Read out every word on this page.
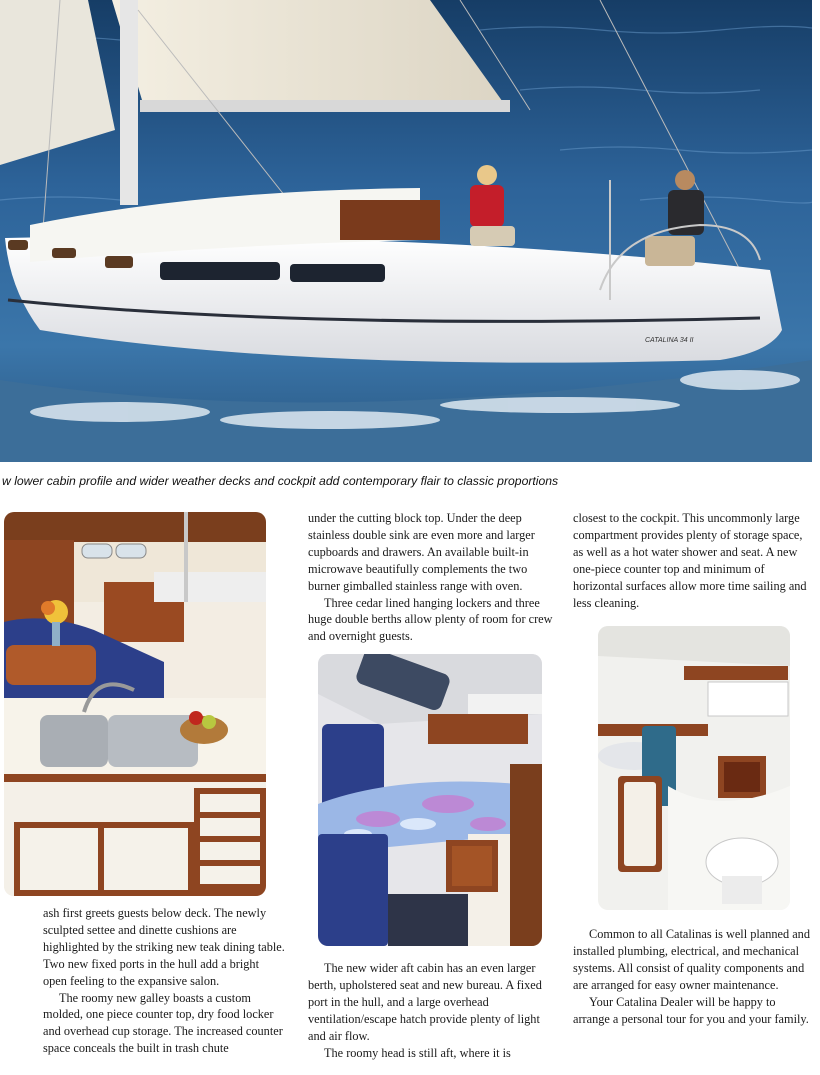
CATALINA 34 II
w lower cabin profile and wider weather decks and cockpit add contemporary flair to classic proportions

ash first greets guests below deck. The newly sculpted settee and dinette cushions are highlighted by the striking new teak dining table. Two new fixed ports in the hull add a bright open feeling to the expansive salon.

The roomy new galley boasts a custom molded, one piece counter top, dry food locker and overhead cup storage. The increased counter space conceals the built in trash chute

under the cutting block top. Under the deep stainless double sink are even more and larger cupboards and drawers. An available built-in microwave beautifully complements the two burner gimballed stainless range with oven.

Three cedar lined hanging lockers and three huge double berths allow plenty of room for crew and overnight guests.

The new wider aft cabin has an even larger berth, upholstered seat and new bureau. A fixed port in the hull, and a large overhead ventilation/escape hatch provide plenty of light and air flow.

The roomy head is still aft, where it is

closest to the cockpit. This uncommonly large compartment provides plenty of storage space, as well as a hot water shower and seat. A new one-piece counter top and minimum of horizontal surfaces allow more time sailing and less cleaning.

Common to all Catalinas is well planned and installed plumbing, electrical, and mechanical systems. All consist of quality components and are arranged for easy owner maintenance.

Your Catalina Dealer will be happy to arrange a personal tour for you and your family.
